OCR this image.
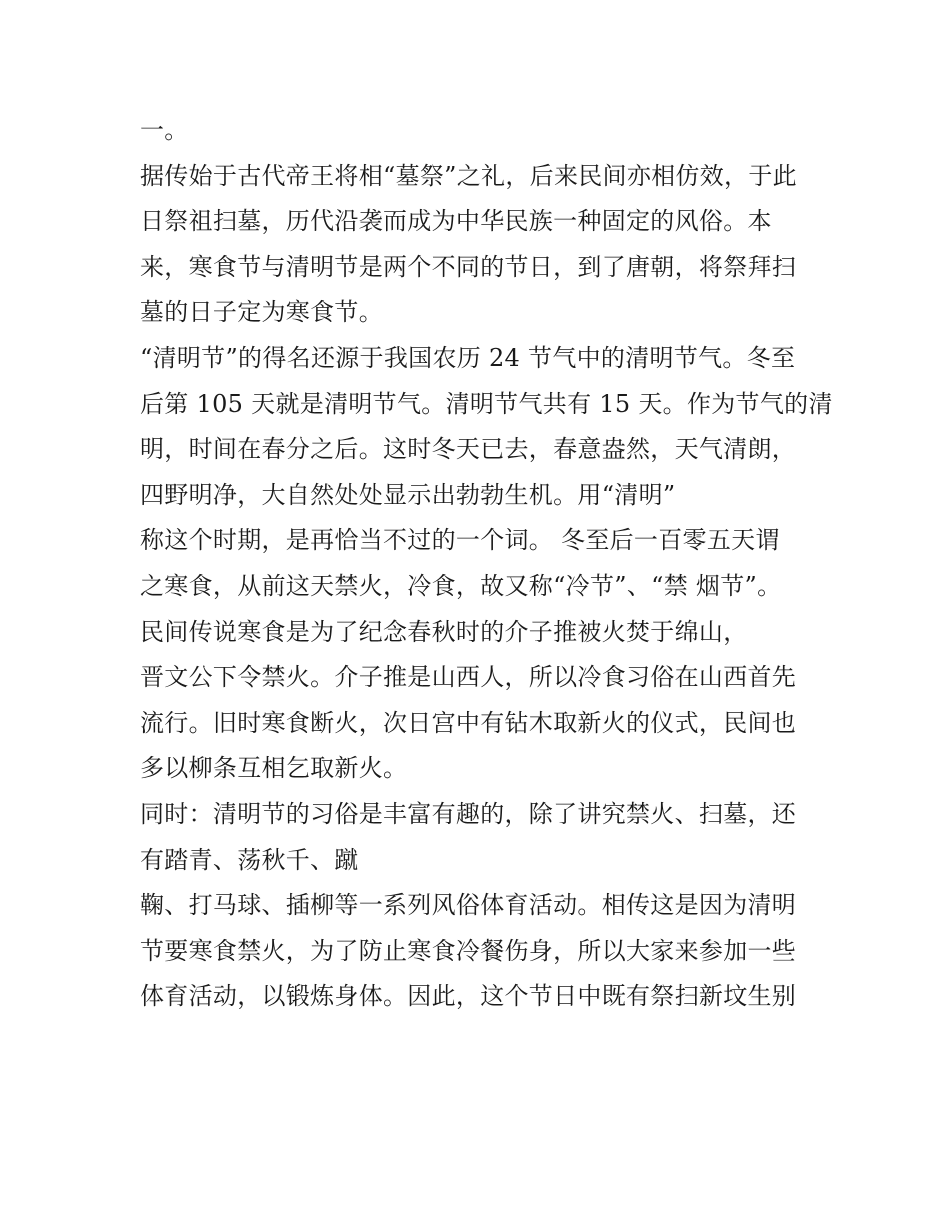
一。
据传始于古代帝王将相“墓祭”之礼，后来民间亦相仿效，于此
日祭祖扫墓，历代沿袭而成为中华民族一种固定的风俗。本
来，寒食节与清明节是两个不同的节日，到了唐朝，将祭拜扫
墓的日子定为寒食节。
“清明节”的得名还源于我国农历 24 节气中的清明节气。冬至
后第 105 天就是清明节气。清明节气共有 15 天。作为节气的清
明，时间在春分之后。这时冬天已去，春意盎然，天气清朗，
四野明净，大自然处处显示出勃勃生机。用“清明”
称这个时期，是再恰当不过的一个词。 冬至后一百零五天谓
之寒食，从前这天禁火，冷食，故又称“冷节”、“禁 烟节”。
民间传说寒食是为了纪念春秋时的介子推被火焚于绵山，
晋文公下令禁火。介子推是山西人，所以冷食习俗在山西首先
流行。旧时寒食断火，次日宫中有钻木取新火的仪式，民间也
多以柳条互相乞取新火。
同时：清明节的习俗是丰富有趣的，除了讲究禁火、扫墓，还
有踏青、荡秋千、蹴
鞠、打马球、插柳等一系列风俗体育活动。相传这是因为清明
节要寒食禁火，为了防止寒食冷餐伤身，所以大家来参加一些
体育活动，以锻炼身体。因此，这个节日中既有祭扫新坟生别
